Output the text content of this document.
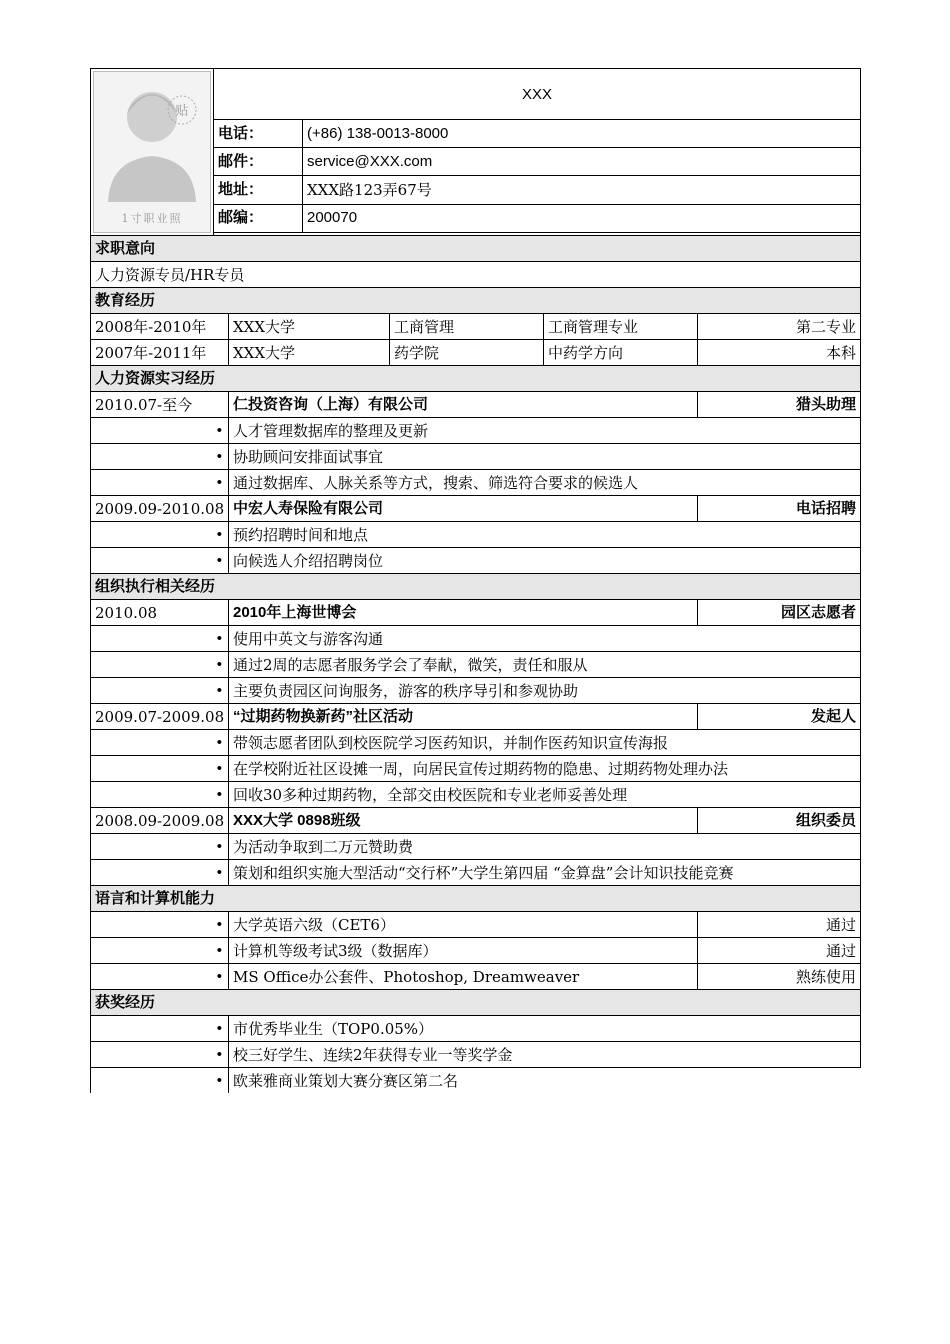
贴
1寸职业照	XXX					
	电话：		(+86) 138-0013-8000			
	邮件：		service@XXX.com			
	地址：		XXX路123弄67号			
	邮编：		200070			

求职意向						
人力资源专员/HR专员						
教育经历						
2008年-2010年		XXX大学		工商管理	工商管理专业	第二专业
2007年-2011年		XXX大学		药学院	中药学方向	本科
人力资源实习经历						
2010.07-至今		仁投资咨询（上海）有限公司				猎头助理
•		人才管理数据库的整理及更新				
•		协助顾问安排面试事宜				
•		通过数据库、人脉关系等方式，搜索、筛选符合要求的候选人				
2009.09-2010.08		中宏人寿保险有限公司				电话招聘
•		预约招聘时间和地点				
•		向候选人介绍招聘岗位				
组织执行相关经历						
2010.08		2010年上海世博会				园区志愿者
•		使用中英文与游客沟通				
•		通过2周的志愿者服务学会了奉献，微笑，责任和服从				
•		主要负责园区问询服务，游客的秩序导引和参观协助				
2009.07-2009.08		“过期药物换新药”社区活动				发起人
•		带领志愿者团队到校医院学习医药知识，并制作医药知识宣传海报				
•		在学校附近社区设摊一周，向居民宣传过期药物的隐患、过期药物处理办法				
•		回收30多种过期药物，全部交由校医院和专业老师妥善处理				
2008.09-2009.08		XXX大学 0898班级				组织委员
•		为活动争取到二万元赞助费				
•		策划和组织实施大型活动“交行杯”大学生第四届 “金算盘”会计知识技能竞赛				
语言和计算机能力						
•		大学英语六级（CET6）				通过
•		计算机等级考试3级（数据库）				通过
•		MS Office办公套件、Photoshop, Dreamweaver				熟练使用
获奖经历						
•		市优秀毕业生（TOP0.05%）				
•		校三好学生、连续2年获得专业一等奖学金				
•		欧莱雅商业策划大赛分赛区第二名				
